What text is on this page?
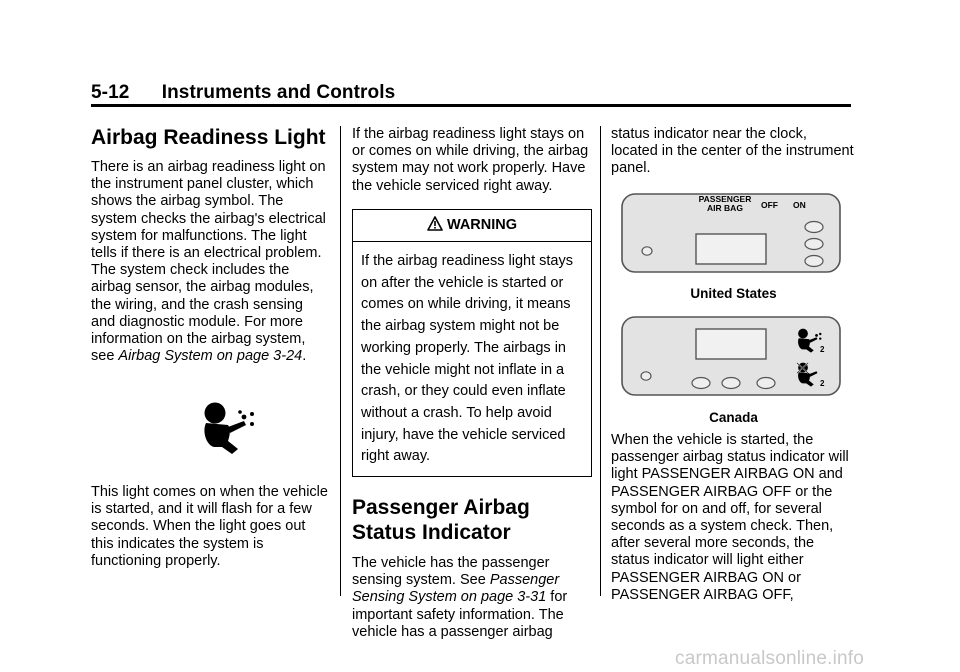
5-12      Instruments and Controls
Airbag Readiness Light

There is an airbag readiness light on the instrument panel cluster, which shows the airbag symbol. The system checks the airbag's electrical system for malfunctions. The light tells if there is an electrical problem. The system check includes the airbag sensor, the airbag modules, the wiring, and the crash sensing and diagnostic module. For more information on the airbag system, see Airbag System on page 3-24.

This light comes on when the vehicle is started, and it will flash for a few seconds. When the light goes out this indicates the system is functioning properly.

If the airbag readiness light stays on or comes on while driving, the airbag system may not work properly. Have the vehicle serviced right away.

WARNING
If the airbag readiness light stays on after the vehicle is started or comes on while driving, it means the airbag system might not be working properly. The airbags in the vehicle might not inflate in a crash, or they could even inflate without a crash. To help avoid injury, have the vehicle serviced right away.
Passenger Airbag Status Indicator

The vehicle has the passenger sensing system. See Passenger Sensing System on page 3-31 for important safety information. The vehicle has a passenger airbag

status indicator near the clock, located in the center of the instrument panel.

PASSENGER
AIR BAG	OFF ON
United States
2
2
Canada

When the vehicle is started, the passenger airbag status indicator will light PASSENGER AIRBAG ON and PASSENGER AIRBAG OFF or the symbol for on and off, for several seconds as a system check. Then, after several more seconds, the status indicator will light either PASSENGER AIRBAG ON or PASSENGER AIRBAG OFF,

carmanualsonline.info
